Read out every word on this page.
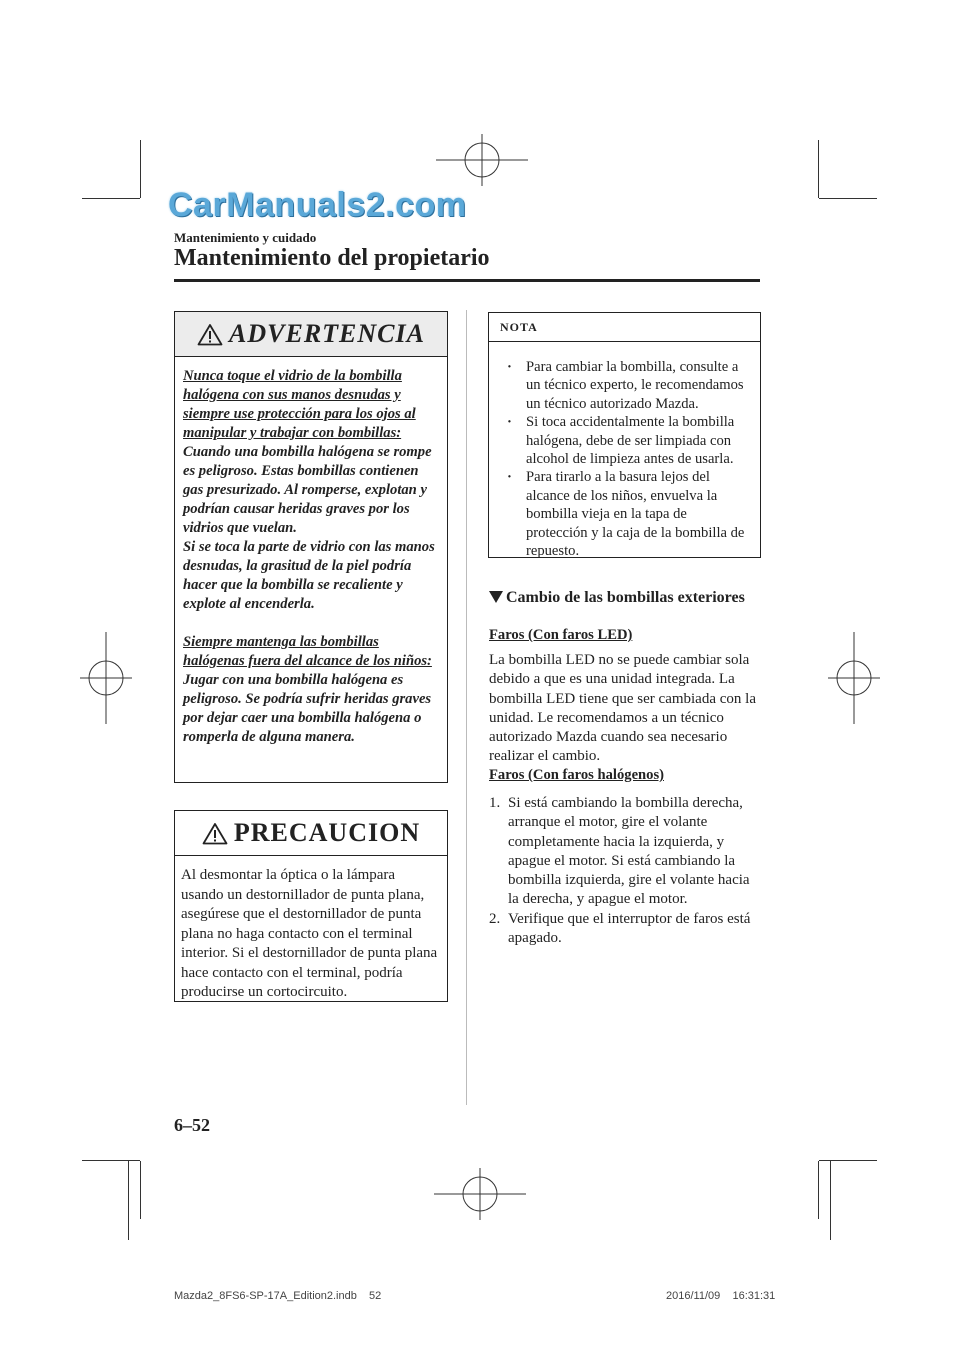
CarManuals2.com
Mantenimiento y cuidado
Mantenimiento del propietario
ADVERTENCIA

Nunca toque el vidrio de la bombilla halógena con sus manos desnudas y siempre use protección para los ojos al manipular y trabajar con bombillas:

Cuando una bombilla halógena se rompe es peligroso. Estas bombillas contienen gas presurizado. Al romperse, explotan y podrían causar heridas graves por los vidrios que vuelan.

Si se toca la parte de vidrio con las manos desnudas, la grasitud de la piel podría hacer que la bombilla se recaliente y explote al encenderla.

Siempre mantenga las bombillas halógenas fuera del alcance de los niños:

Jugar con una bombilla halógena es peligroso. Se podría sufrir heridas graves por dejar caer una bombilla halógena o romperla de alguna manera.

PRECAUCION
Al desmontar la óptica o la lámpara usando un destornillador de punta plana, asegúrese que el destornillador de punta plana no haga contacto con el terminal interior. Si el destornillador de punta plana hace contacto con el terminal, podría producirse un cortocircuito.
NOTA
· Para cambiar la bombilla, consulte a un técnico experto, le recomendamos un técnico autorizado Mazda.
· Si toca accidentalmente la bombilla halógena, debe de ser limpiada con alcohol de limpieza antes de usarla.
· Para tirarlo a la basura lejos del alcance de los niños, envuelva la bombilla vieja en la tapa de protección y la caja de la bombilla de repuesto.
Cambio de las bombillas exteriores
Faros (Con faros LED)
La bombilla LED no se puede cambiar sola debido a que es una unidad integrada. La bombilla LED tiene que ser cambiada con la unidad. Le recomendamos a un técnico autorizado Mazda cuando sea necesario realizar el cambio.
Faros (Con faros halógenos)
1. Si está cambiando la bombilla derecha, arranque el motor, gire el volante completamente hacia la izquierda, y apague el motor. Si está cambiando la bombilla izquierda, gire el volante hacia la derecha, y apague el motor.
2. Verifique que el interruptor de faros está apagado.
6–52
Mazda2_8FS6-SP-17A_Edition2.indb    52	2016/11/09    16:31:31
